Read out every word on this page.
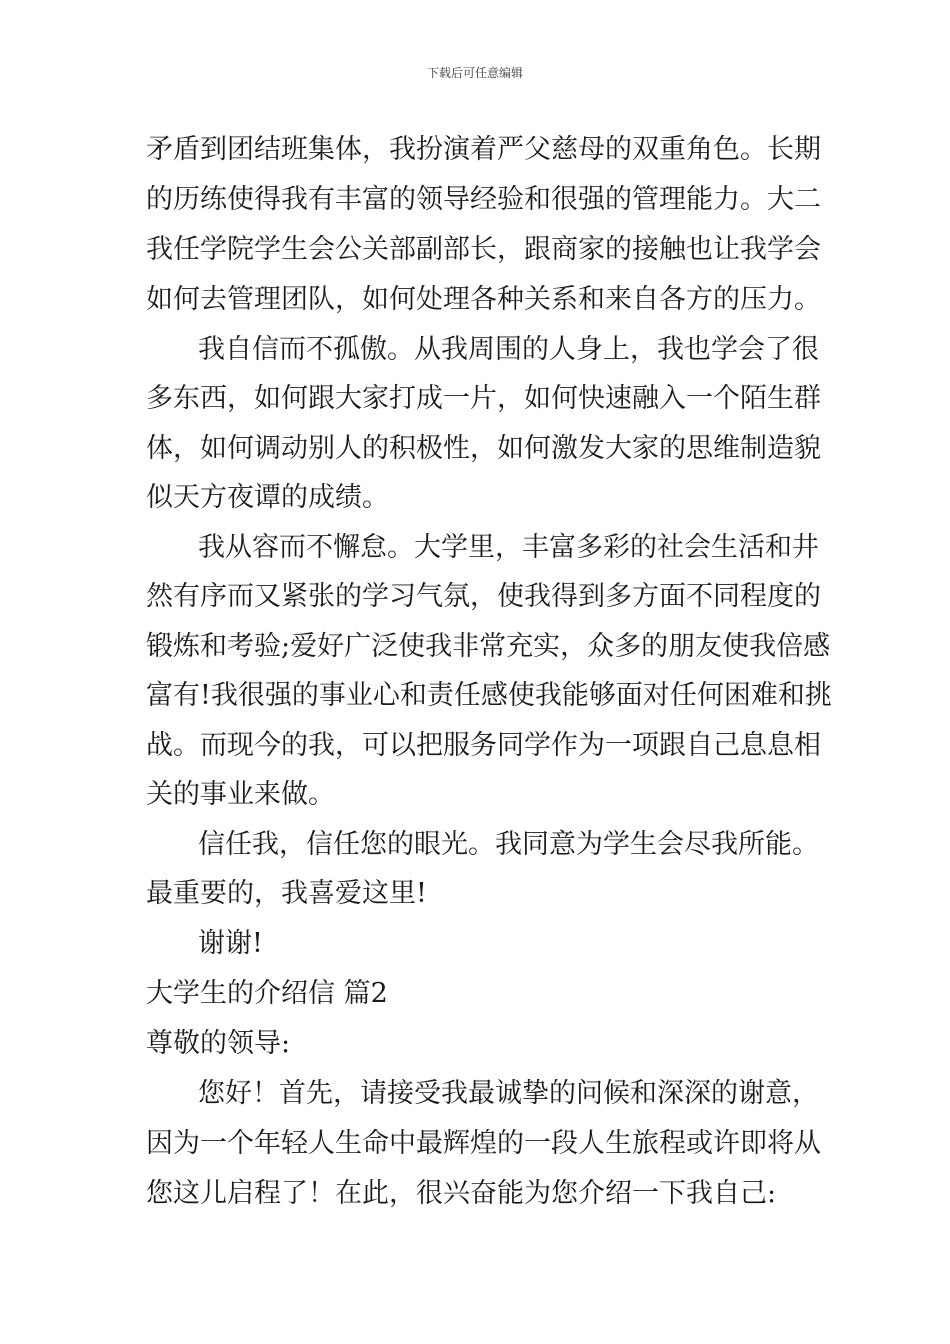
下载后可任意编辑
矛盾到团结班集体，我扮演着严父慈母的双重角色。长期
的历练使得我有丰富的领导经验和很强的管理能力。大二
我任学院学生会公关部副部长，跟商家的接触也让我学会
如何去管理团队，如何处理各种关系和来自各方的压力。
我自信而不孤傲。从我周围的人身上，我也学会了很
多东西，如何跟大家打成一片，如何快速融入一个陌生群
体，如何调动别人的积极性，如何激发大家的思维制造貌
似天方夜谭的成绩。
我从容而不懈怠。大学里，丰富多彩的社会生活和井
然有序而又紧张的学习气氛，使我得到多方面不同程度的
锻炼和考验;爱好广泛使我非常充实，众多的朋友使我倍感
富有!我很强的事业心和责任感使我能够面对任何困难和挑
战。而现今的我，可以把服务同学作为一项跟自己息息相
关的事业来做。
信任我，信任您的眼光。我同意为学生会尽我所能。
最重要的，我喜爱这里!
谢谢!
大学生的介绍信 篇2
尊敬的领导:
您好！首先，请接受我最诚挚的问候和深深的谢意，
因为一个年轻人生命中最辉煌的一段人生旅程或许即将从
您这儿启程了！在此，很兴奋能为您介绍一下我自己:
